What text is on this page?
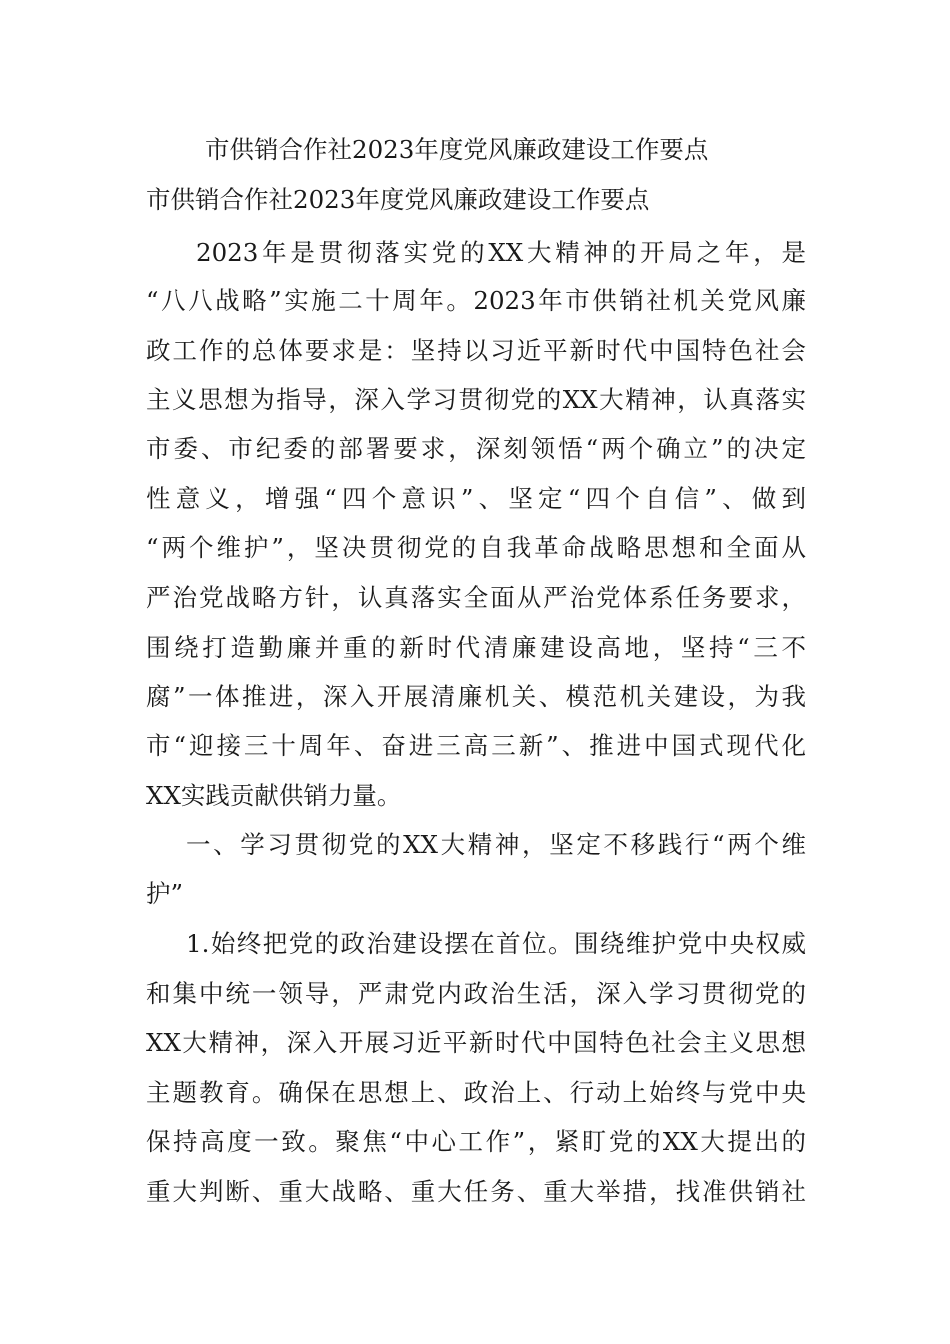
市供销合作社2023年度党风廉政建设工作要点
市供销合作社2023年度党风廉政建设工作要点
2023年是贯彻落实党的XX大精神的开局之年，是
“八八战略”实施二十周年。2023年市供销社机关党风廉
政工作的总体要求是：坚持以习近平新时代中国特色社会
主义思想为指导，深入学习贯彻党的XX大精神，认真落实
市委、市纪委的部署要求，深刻领悟“两个确立”的决定
性意义，增强“四个意识”、坚定“四个自信”、做到
“两个维护”，坚决贯彻党的自我革命战略思想和全面从
严治党战略方针，认真落实全面从严治党体系任务要求，
围绕打造勤廉并重的新时代清廉建设高地，坚持“三不
腐”一体推进，深入开展清廉机关、模范机关建设，为我
市“迎接三十周年、奋进三高三新”、推进中国式现代化
XX实践贡献供销力量。
一、学习贯彻党的XX大精神，坚定不移践行“两个维
护”
1.始终把党的政治建设摆在首位。围绕维护党中央权威
和集中统一领导，严肃党内政治生活，深入学习贯彻党的
XX大精神，深入开展习近平新时代中国特色社会主义思想
主题教育。确保在思想上、政治上、行动上始终与党中央
保持高度一致。聚焦“中心工作”，紧盯党的XX大提出的
重大判断、重大战略、重大任务、重大举措，找准供销社
